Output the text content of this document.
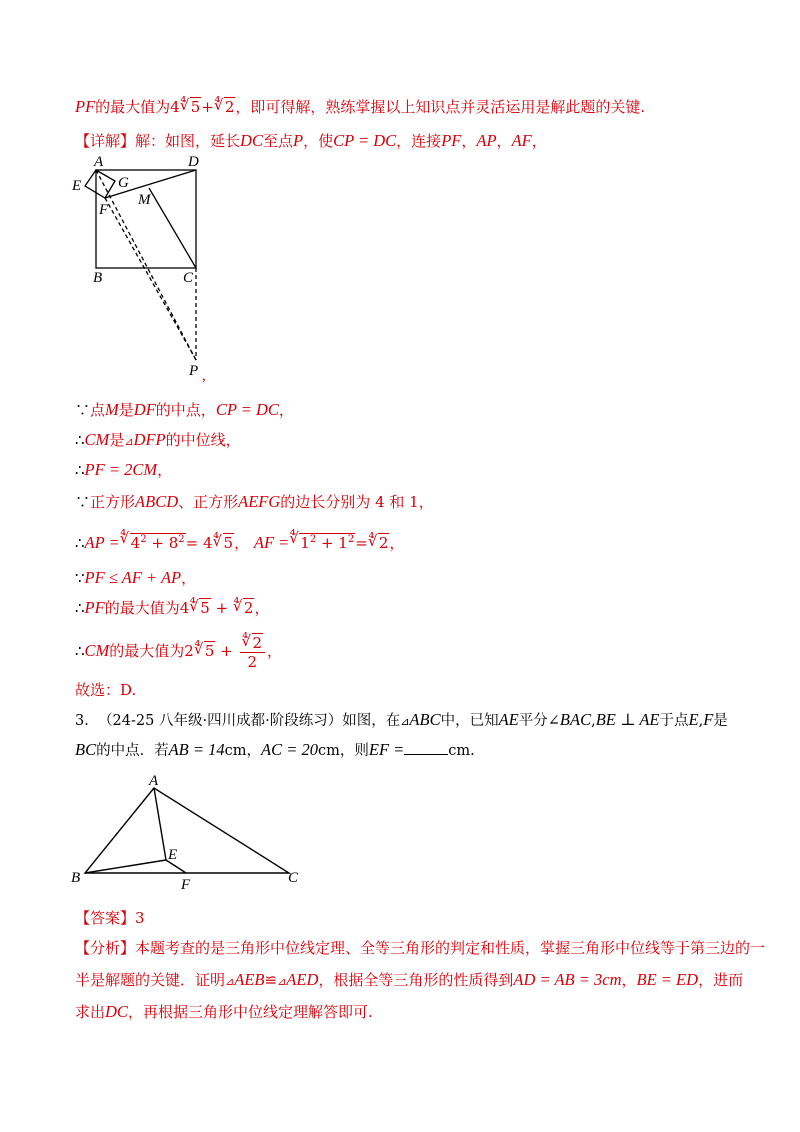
PF的最大值为4∜ 5+∜ 2，即可得解，熟练掌握以上知识点并灵活运用是解此题的关键.
【详解】解：如图，延长DC至点P，使CP = DC，连接PF，AP，AF，
A	D
E G
F
M
B	C
P ,
∵点M是DF的中点，CP = DC，
∴CM是⊿DFP的中位线，
∴PF = 2CM，
∵正方形ABCD、正方形AEFG的边长分别为 4 和 1，
∴AP =∜ $4^2 + 8^2=$ 4∜ 5， AF =∜ $1^2$ + $1^2=∜$ 2，
∵PF ≤ AF + AP，
∴PF的最大值为4∜ 5 + ∜ 2，
∴CM的最大值为2∜ 5 +
∜ $\frac{2}{2}$ ，
故选：D.
3. （24-25 八年级·四川成都·阶段练习）如图，在⊿ABC中，已知AE平分∠BAC,BE ⊥ AE于点E,F是
BC的中点．若AB = 14cm，AC = 20cm，则EF =	cm.
A
B	C
E
F
【答案】3
【分析】本题考查的是三角形中位线定理、全等三角形的判定和性质，掌握三角形中位线等于第三边的一
半是解题的关键．证明⊿AEB≌⊿AED，根据全等三角形的性质得到AD = AB = 3cm，BE = ED，进而
求出DC，再根据三角形中位线定理解答即可.
